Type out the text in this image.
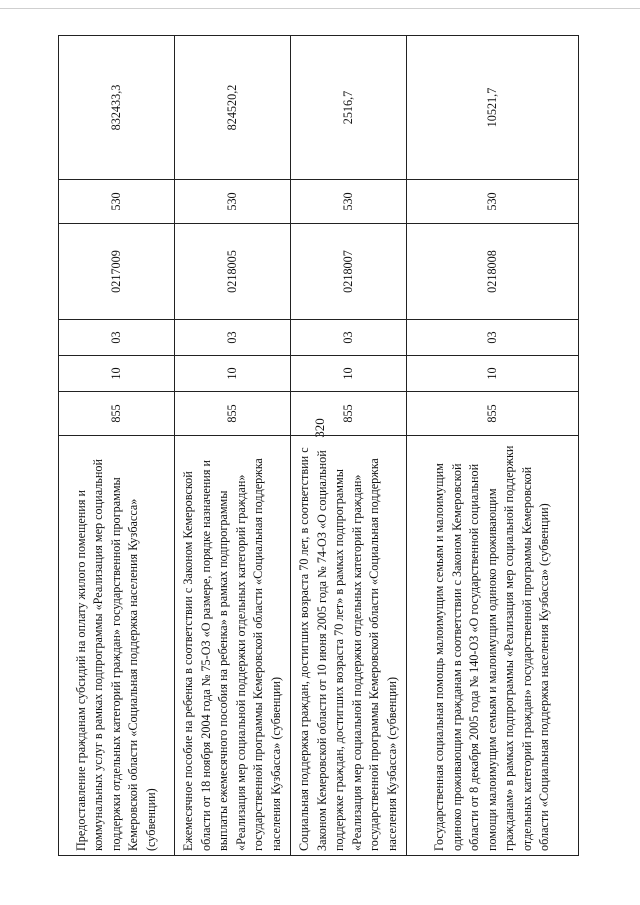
320
Предоставление гражданам субсидий на оплату жилого помещения и коммунальных услуг в рамках подпрограммы «Реализация мер социальной поддержки отдельных категорий граждан» государственной программы Кемеровской области «Социальная поддержка населения Кузбасса» (субвенции)	855	10	03	0217009	530	832433,3
Ежемесячное пособие на ребенка в соответствии с Законом Кемеровской области от 18 ноября 2004 года № 75-ОЗ «О размере, порядке назначения и выплаты ежемесячного пособия на ребенка» в рамках подпрограммы «Реализация мер социальной поддержки отдельных категорий граждан» государственной программы Кемеровской области «Социальная поддержка населения Кузбасса» (субвенции)	855	10	03	0218005	530	824520,2
Социальная поддержка граждан, достигших возраста 70 лет, в соответствии с Законом Кемеровской области от 10 июня 2005 года № 74-ОЗ «О социальной поддержке граждан, достигших возраста 70 лет» в рамках подпрограммы «Реализация мер социальной поддержки отдельных категорий граждан» государственной программы Кемеровской области «Социальная поддержка населения Кузбасса» (субвенции)	855	10	03	0218007	530	2516,7
Государственная социальная помощь малоимущим семьям и малоимущим одиноко проживающим гражданам в соответствии с Законом Кемеровской области от 8 декабря 2005 года № 140-ОЗ «О государственной социальной помощи малоимущим семьям и малоимущим одиноко проживающим гражданам» в рамках подпрограммы «Реализация мер социальной поддержки отдельных категорий граждан» государственной программы Кемеровской области «Социальная поддержка населения Кузбасса» (субвенции)	855	10	03	0218008	530	10521,7
